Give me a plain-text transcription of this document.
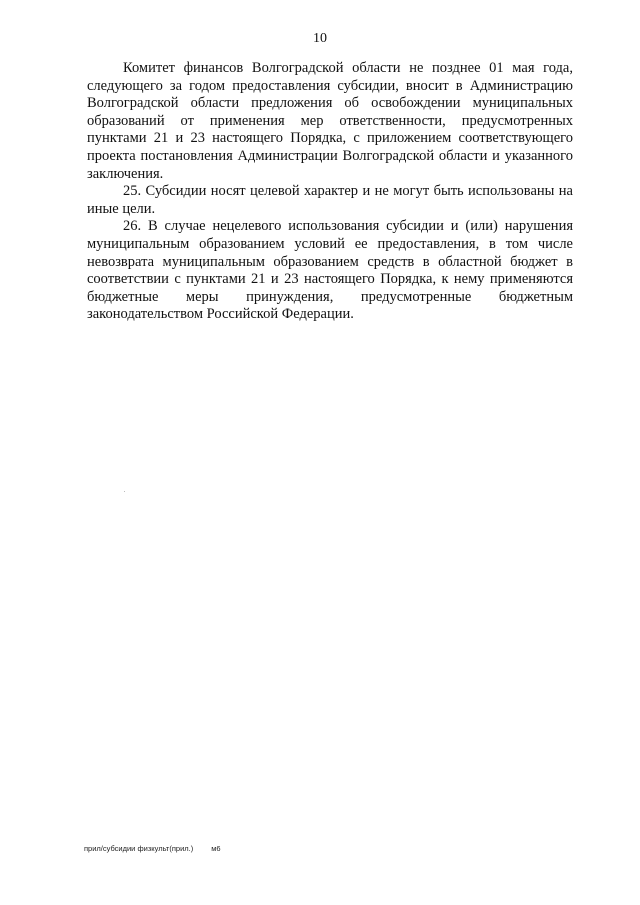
10

Комитет финансов Волгоградской области не позднее 01 мая года, следующего за годом предоставления субсидии, вносит в Администрацию Волгоградской области предложения об освобождении муниципальных образований от применения мер ответственности, предусмотренных пунктами 21 и 23 настоящего Порядка, с приложением соответствующего проекта постановления Администрации Волгоградской области и указанного заключения.

25. Субсидии носят целевой характер и не могут быть использованы на иные цели.

26. В случае нецелевого использования субсидии и (или) нарушения муниципальным образованием условий ее предоставления, в том числе невозврата муниципальным образованием средств в областной бюджет в соответствии с пунктами 21 и 23 настоящего Порядка, к нему применяются бюджетные меры принуждения, предусмотренные бюджетным законодательством Российской Федерации.

прил/субсидии физкульт(прил.) м6
